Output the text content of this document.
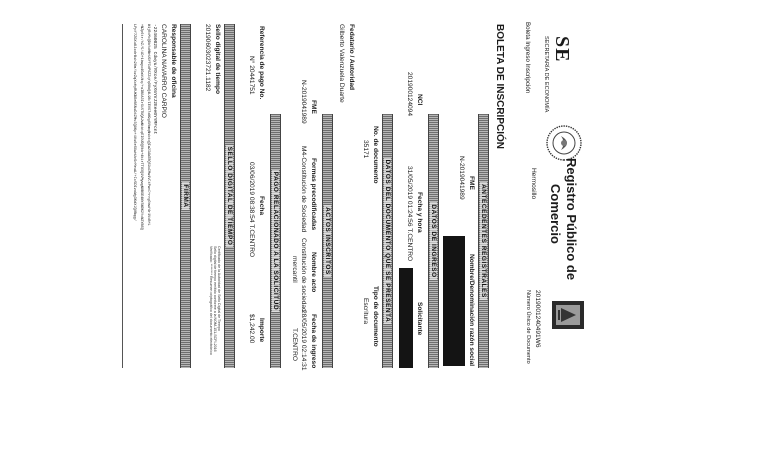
SE
SECRETARÍA DE ECONOMÍA
Boleta Ingreso Inscripción
Registro Público de
Comercio
Hermosillo
2019001240491W6
Número Único de Documento
BOLETA DE INSCRIPCIÓN
ANTECEDENTES REGISTRALES
FME
N-2019041989
Nombre/Denominación razón social
DATOS DE INGRESO
NCI
201900124094
Fecha y hora
31/05/2019 01:24:56 T.CENTRO
Solicitante
DATOS DEL DOCUMENTO QUE SE PRESENTA
No. de documento
35171
Tipo de documento
Escritura
Fedatario / Autoridad
Gilberto Valenzuela Duarte
ACTOS INSCRITOS
FME
N-2019041989
Formas precodificadas
M4-Constitución de Sociedad
Nombre acto
Constitución de sociedad
mercantil
Fecha de ingreso
28/05/2019 02:14:31
T.CENTRO
PAGO RELACIONADO A LA SOLICITUD
Referencia de pago No.
N° 20441751
Fecha
03/06/2019 08:38:54 T.CENTRO
Importe
$1,242.00
SELLO DIGITAL DE TIEMPO
Sello digital de tiempo
20190603023721.1182
Certificado de la Autoridad de Sello Digital de Tiempo
Sello digital de tiempo emitido conforme a la NOM-151-SCFI-2016
Verificado: ******** Resumen criptográfico del documento electrónico
FIRMA
Responsable de oficina
CAROLINA NAVARRO CARPIO
-22460025 Cdwyu/RXce/FyX6YVJ2Eee0YYMFcnt
W1jRcMcQDbYoHNnUGfFIdP6ZZqYqOUbQ4L9B/IEVS7xN9g4VbmqNsbtqQIw2IAWZ8QS9xIMw1VCtPwnC+rrg0bwY4r1VcB+L
+NZp6tr/hZ/5/iD+1bwyo4OakUkq/+aIB0A3IrSi5TUQAJwNtbtqEI0UDQ0kb+4kirTTU3Q9VMywgNUBSE4NYSNOK2YcNZYBSQ
LPpY7ZGXu8JxdrBsh26m/bzZqXoHyRUKBOeB5NuD4ZMv3Q9Kp+4Vu6eSXwhUvSrMeuA/+Ic5DIzoWg3KdXJQ0Nqg/
